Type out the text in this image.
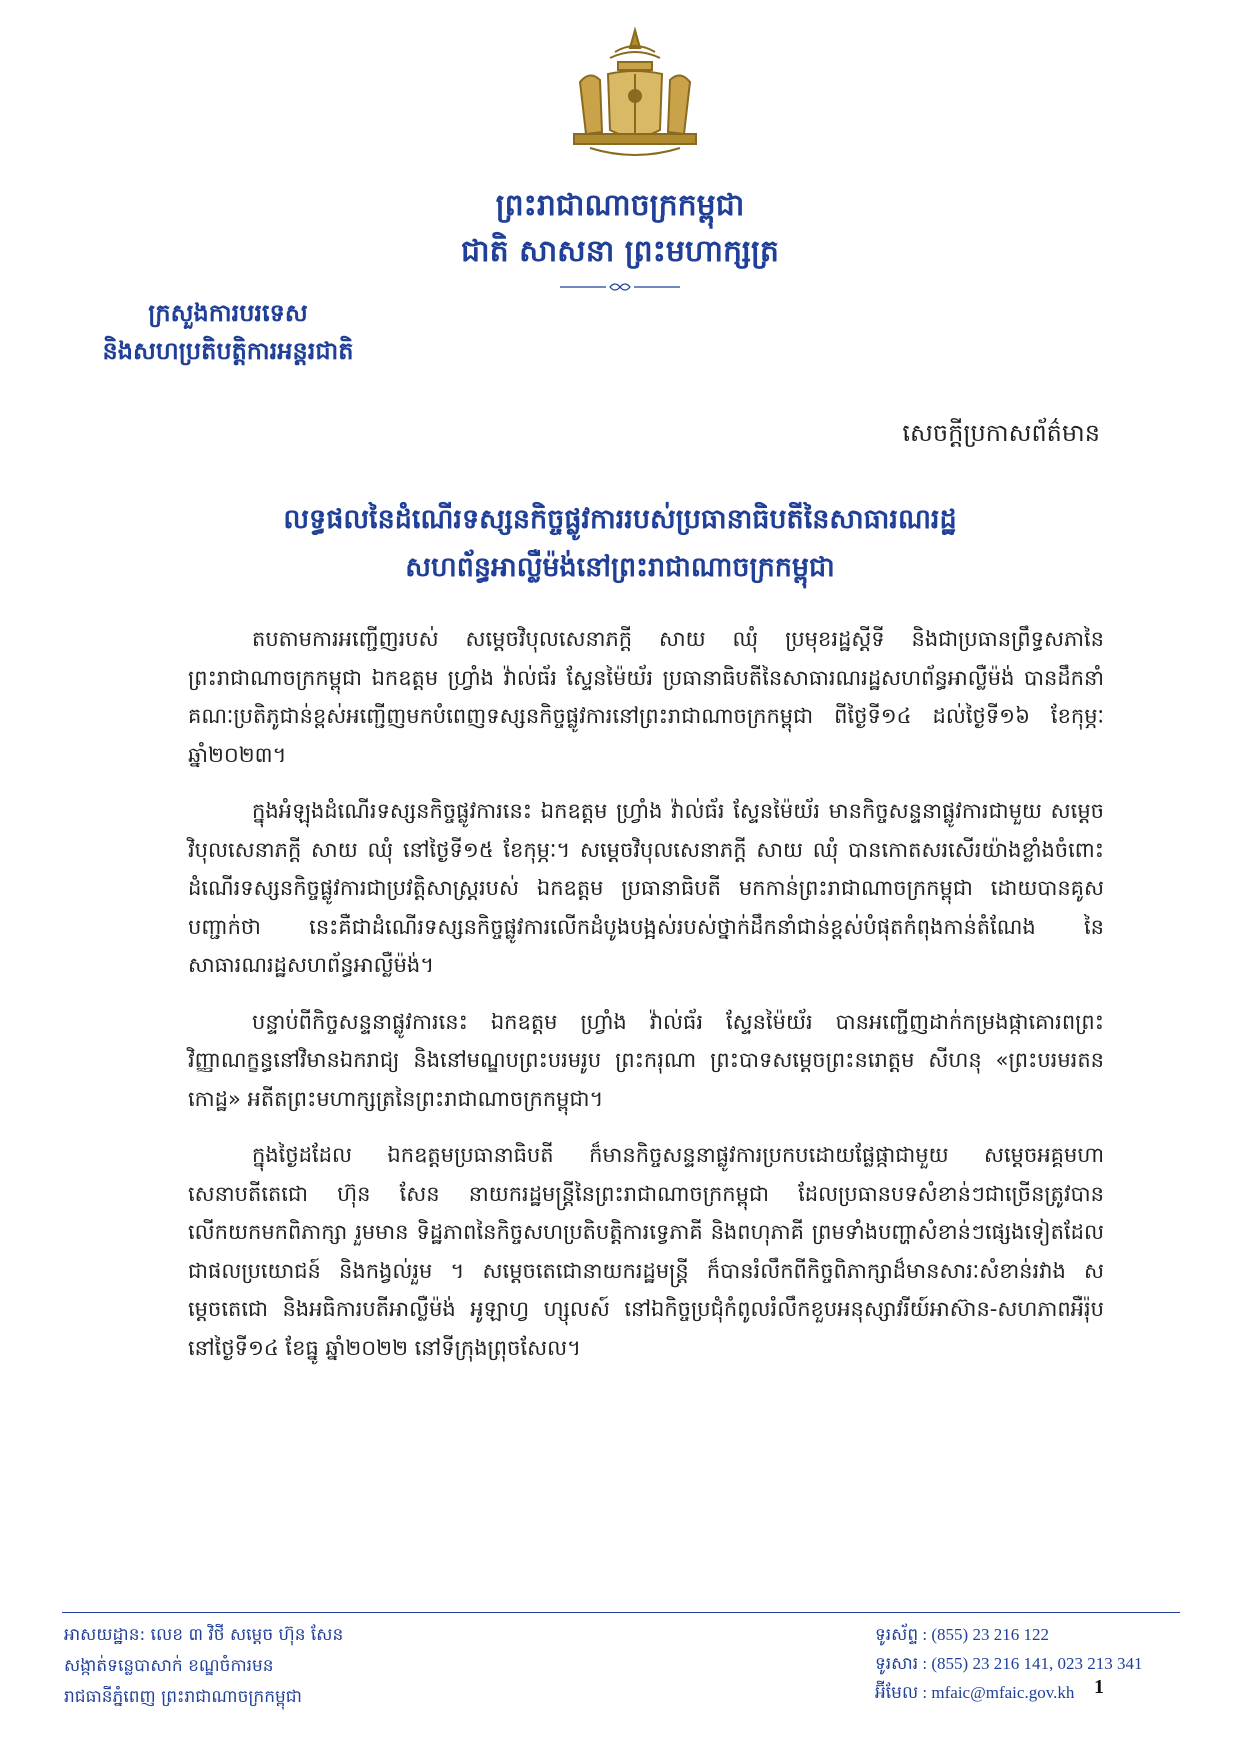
ព្រះរាជាណាចក្រកម្ពុជា
ជាតិ សាសនា ព្រះមហាក្សត្រ
ក្រសួងការបរទេស
និងសហប្រតិបត្តិការអន្តរជាតិ
សេចក្តីប្រកាសព័ត៌មាន
លទ្ធផលនៃដំណើរទស្សនកិច្ចផ្លូវការរបស់ប្រធានាធិបតីនៃសាធារណរដ្ឋ
សហព័ន្ធអាល្លឺម៉ង់នៅព្រះរាជាណាចក្រកម្ពុជា

តបតាមការអញ្ជើញរបស់ សម្តេចវិបុលសេនាភក្តី សាយ ឈុំ ប្រមុខរដ្ឋស្តីទី និងជាប្រធានព្រឹទ្ធសភានៃព្រះរាជាណាចក្រកម្ពុជា ឯកឧត្តម ហ្វ្រាំង វ៉ាល់ធ័រ ស្ទែនម៉ៃយ័រ ប្រធានាធិបតីនៃសាធារណរដ្ឋសហព័ន្ធអាល្លឺម៉ង់ បានដឹកនាំគណៈប្រតិភូជាន់ខ្ពស់អញ្ជើញមកបំពេញទស្សនកិច្ចផ្លូវការនៅព្រះរាជាណាចក្រកម្ពុជា ពីថ្ងៃទី១៤ ដល់ថ្ងៃទី១៦ ខែកុម្ភៈ ឆ្នាំ២០២៣។

ក្នុងអំឡុងដំណើរទស្សនកិច្ចផ្លូវការនេះ ឯកឧត្តម ហ្វ្រាំង វ៉ាល់ធ័រ ស្ទែនម៉ៃយ័រ មានកិច្ចសន្ទនាផ្លូវការជាមួយ សម្តេចវិបុលសេនាភក្តី សាយ ឈុំ នៅថ្ងៃទី១៥ ខែកុម្ភៈ។ សម្តេចវិបុលសេនាភក្តី សាយ ឈុំ បានកោតសរសើរយ៉ាងខ្លាំងចំពោះដំណើរទស្សនកិច្ចផ្លូវការជាប្រវត្តិសាស្ត្ររបស់ ឯកឧត្តម ប្រធានាធិបតី មកកាន់ព្រះរាជាណាចក្រកម្ពុជា ដោយបានគូសបញ្ជាក់ថា នេះគឺជាដំណើរទស្សនកិច្ចផ្លូវការលើកដំបូងបង្អស់របស់ថ្នាក់ដឹកនាំជាន់ខ្ពស់បំផុតកំពុងកាន់តំណែង នៃសាធារណរដ្ឋសហព័ន្ធអាល្លឺម៉ង់។

បន្ទាប់ពីកិច្ចសន្ទនាផ្លូវការនេះ ឯកឧត្តម ហ្វ្រាំង វ៉ាល់ធ័រ ស្ទែនម៉ៃយ័រ បានអញ្ជើញដាក់កម្រងផ្កាគោរពព្រះវិញ្ញាណក្ខន្ធនៅវិមានឯករាជ្យ និងនៅមណ្ឌបព្រះបរមរូប ព្រះករុណា ព្រះបាទសម្តេចព្រះនរោត្តម សីហនុ «ព្រះបរមរតនកោដ្ឋ» អតីតព្រះមហាក្សត្រនៃព្រះរាជាណាចក្រកម្ពុជា។

ក្នុងថ្ងៃដដែល ឯកឧត្តមប្រធានាធិបតី ក៏មានកិច្ចសន្ទនាផ្លូវការប្រកបដោយផ្លែផ្កាជាមួយ សម្តេចអគ្គមហាសេនាបតីតេជោ ហ៊ុន សែន នាយករដ្ឋមន្ត្រីនៃព្រះរាជាណាចក្រកម្ពុជា ដែលប្រធានបទសំខាន់ៗជាច្រើនត្រូវបានលើកយកមកពិភាក្សា រួមមាន ទិដ្ឋភាពនៃកិច្ចសហប្រតិបត្តិការទ្វេភាគី និងពហុភាគី ព្រមទាំងបញ្ហាសំខាន់ៗផ្សេងទៀតដែលជាផលប្រយោជន៍ និងកង្វល់រួម ។ សម្តេចតេជោនាយករដ្ឋមន្ត្រី ក៏បានរំលឹកពីកិច្ចពិភាក្សាដ៏មានសារៈសំខាន់រវាង សម្តេចតេជោ និងអធិការបតីអាល្លឺម៉ង់ អូឡាហ្វ ហ្សុលស៍ នៅឯកិច្ចប្រជុំកំពូលរំលឹកខួបអនុស្សាវរីយ៍អាស៊ាន-សហភាពអឺរ៉ុប នៅថ្ងៃទី១៤ ខែធ្នូ ឆ្នាំ២០២២ នៅទីក្រុងព្រុចសែល។

អាសយដ្ឋាន: លេខ ៣ វិថី សម្តេច ហ៊ុន សែន
សង្កាត់ទន្លេបាសាក់ ខណ្ឌចំការមន
រាជធានីភ្នំពេញ ព្រះរាជាណាចក្រកម្ពុជា
ទូរស័ព្ទ : (855) 23 216 122
ទូរសារ : (855) 23 216 141, 023 213 341
អ៊ីមែល : mfaic@mfaic.gov.kh 1
